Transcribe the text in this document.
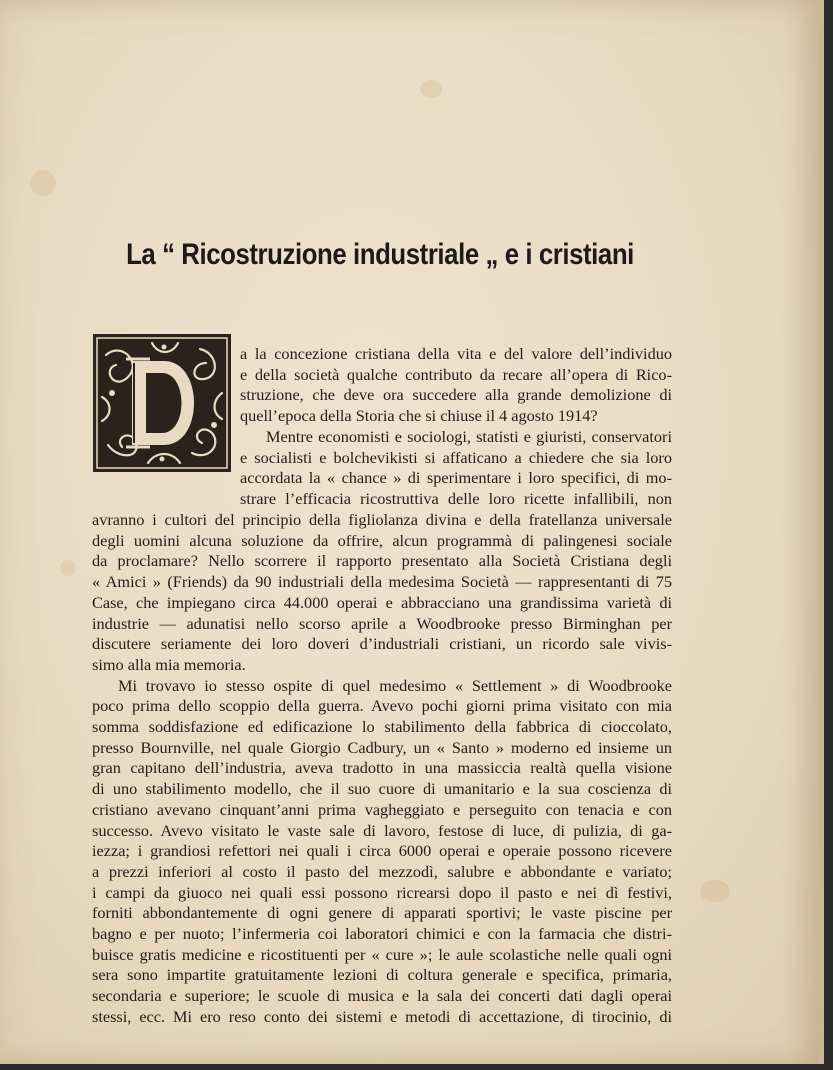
La “ Ricostruzione industriale „ e i cristiani
a la concezione cristiana della vita e del valore dell’individuo
e della società qualche contributo da recare all’opera di Rico-
struzione, che deve ora succedere alla grande demolizione di
quell’epoca della Storia che si chiuse il 4 agosto 1914?
Mentre economisti e sociologi, statisti e giuristi, conservatori
e socialisti e bolchevikisti si affaticano a chiedere che sia loro
accordata la « chance » di sperimentare i loro specifici, di mo-
strare l’efficacia ricostruttiva delle loro ricette infallibili, non
avranno i cultori del principio della figliolanza divina e della fratellanza universale
degli uomini alcuna soluzione da offrire, alcun programmà di palingenesi sociale
da proclamare? Nello scorrere il rapporto presentato alla Società Cristiana degli
« Amici » (Friends) da 90 industriali della medesima Società — rappresentanti di 75
Case, che impiegano circa 44.000 operai e abbracciano una grandissima varietà di
industrie — adunatisi nello scorso aprile a Woodbrooke presso Birminghan per
discutere seriamente dei loro doveri d’industriali cristiani, un ricordo sale vivis-
simo alla mia memoria.
Mi trovavo io stesso ospite di quel medesimo « Settlement » di Woodbrooke
poco prima dello scoppio della guerra. Avevo pochi giorni prima visitato con mia
somma soddisfazione ed edificazione lo stabilimento della fabbrica di cioccolato,
presso Bournville, nel quale Giorgio Cadbury, un « Santo » moderno ed insieme un
gran capitano dell’industria, aveva tradotto in una massiccia realtà quella visione
di uno stabilimento modello, che il suo cuore di umanitario e la sua coscienza di
cristiano avevano cinquant’anni prima vagheggiato e perseguito con tenacia e con
successo. Avevo visitato le vaste sale di lavoro, festose di luce, di pulizia, di ga-
iezza; i grandiosi refettori nei quali i circa 6000 operai e operaie possono ricevere
a prezzi inferiori al costo il pasto del mezzodì, salubre e abbondante e variato;
i campi da giuoco nei quali essi possono ricrearsi dopo il pasto e nei dì festivi,
forniti abbondantemente di ogni genere di apparati sportivi; le vaste piscine per
bagno e per nuoto; l’infermeria coi laboratori chimici e con la farmacia che distri-
buisce gratis medicine e ricostituenti per « cure »; le aule scolastiche nelle quali ogni
sera sono impartite gratuitamente lezioni di coltura generale e specifica, primaria,
secondaria e superiore; le scuole di musica e la sala dei concerti dati dagli operai
stessi, ecc. Mi ero reso conto dei sistemi e metodi di accettazione, di tirocinio, di
